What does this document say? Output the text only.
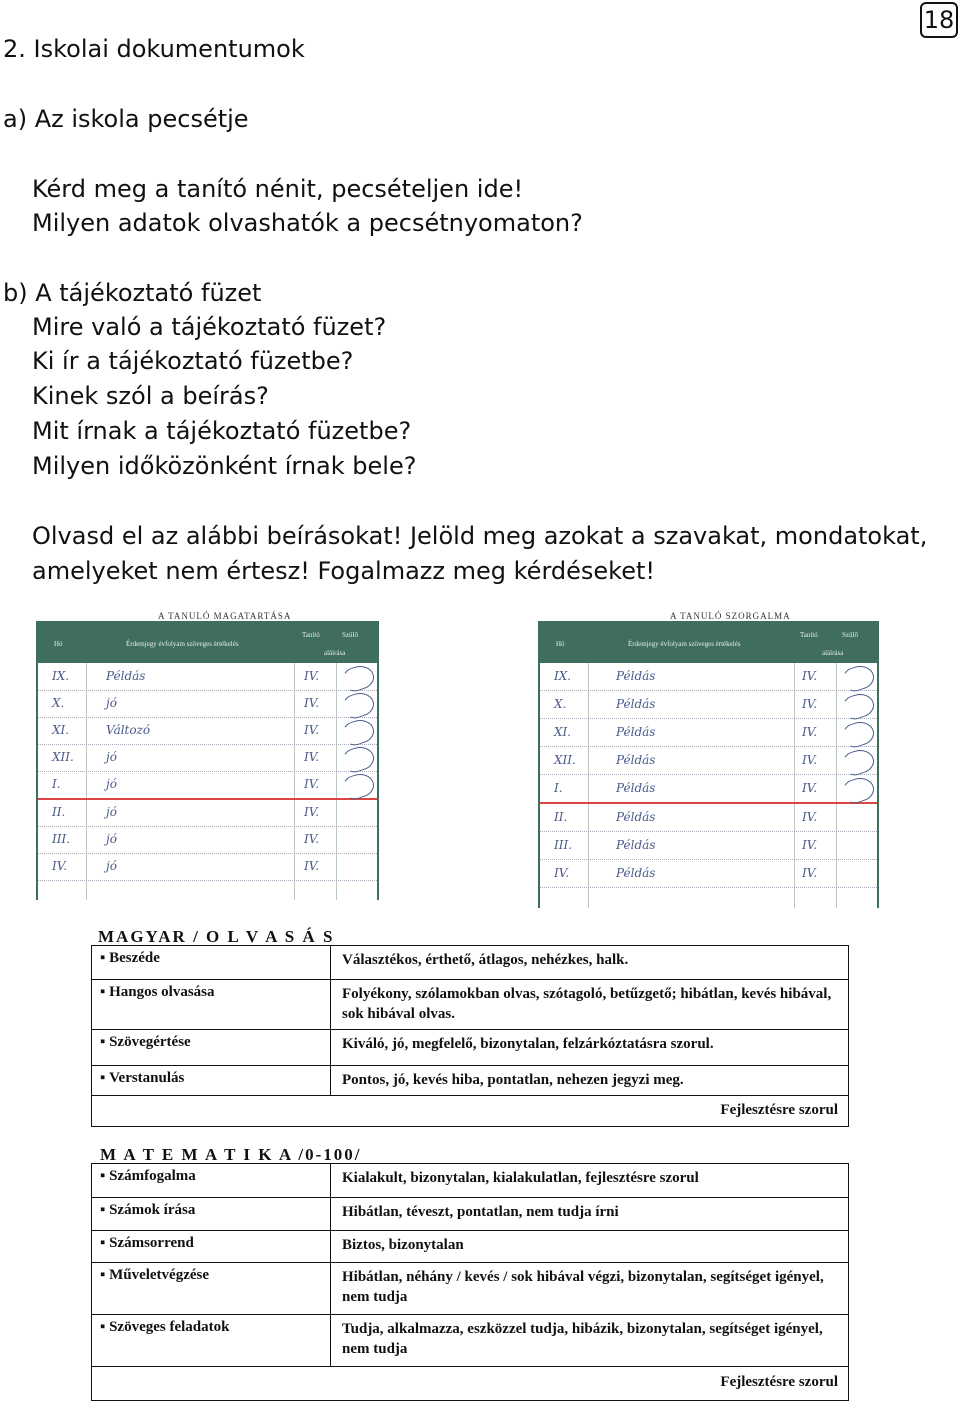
18
2. Iskolai dokumentumok
a) Az iskola pecsétje
Kérd meg a tanító nénit, pecsételjen ide!
Milyen adatok olvashatók a pecsétnyomaton?
b) A tájékoztató füzet
Mire való a tájékoztató füzet?
Ki ír a tájékoztató füzetbe?
Kinek szól a beírás?
Mit írnak a tájékoztató füzetbe?
Milyen időközönként írnak bele?
Olvasd el az alábbi beírásokat! Jelöld meg azokat a szavakat, mondatokat,
amelyeket nem értesz! Fogalmazz meg kérdéseket!
A TANULÓ MAGATARTÁSA
Hó	Érdemjegy évfolyam szöveges értékelés
Tanító	Szülő
aláírása
IX.	Példás	IV.
X.	jó	IV.
XI.	Változó	IV.
XII.	jó	IV.
I.	jó	IV.
II.	jó	IV.
III.	jó	IV.
IV.	jó	IV.
A TANULÓ SZORGALMA
Hó	Érdemjegy évfolyam szöveges értékelés
Tanító	Szülő
aláírása
IX.	Példás	IV.
X.	Példás	IV.
XI.	Példás	IV.
XII.	Példás	IV.
I.	Példás	IV.
II.	Példás	IV.
III.	Példás	IV.
IV.	Példás	IV.
MAGYAR / O L V A S Á S
▪ Beszéde	Választékos, érthető, átlagos, nehézkes, halk.
▪ Hangos olvasása	Folyékony, szólamokban olvas, szótagoló, betűzgető; hibátlan, kevés hibával, sok hibával olvas.
▪ Szövegértése	Kiváló, jó, megfelelő, bizonytalan, felzárkóztatásra szorul.
▪ Verstanulás	Pontos, jó, kevés hiba, pontatlan, nehezen jegyzi meg.
Fejlesztésre szorul
M A T E M A T I K A /0-100/
▪ Számfogalma	Kialakult, bizonytalan, kialakulatlan, fejlesztésre szorul
▪ Számok írása	Hibátlan, téveszt, pontatlan, nem tudja írni
▪ Számsorrend	Biztos, bizonytalan
▪ Műveletvégzése	Hibátlan, néhány / kevés / sok hibával végzi, bizonytalan, segítséget igényel, nem tudja
▪ Szöveges feladatok	Tudja, alkalmazza, eszközzel tudja, hibázik, bizonytalan, segítséget igényel, nem tudja
Fejlesztésre szorul
